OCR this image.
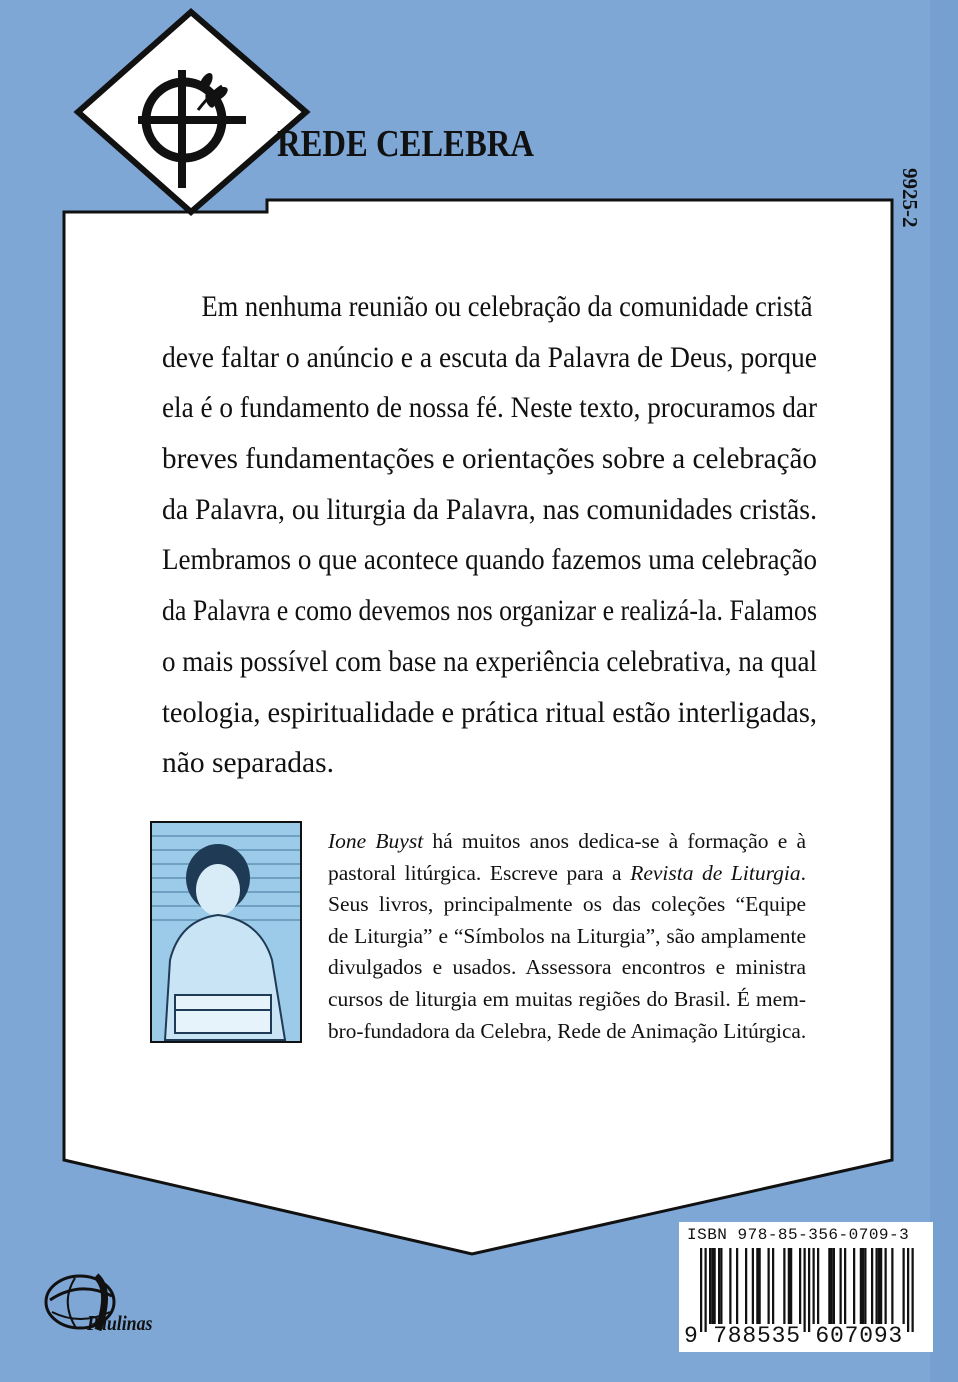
REDE CELEBRA
9925-2
Em nenhuma reunião ou celebração da comunidade cristã
deve faltar o anúncio e a escuta da Palavra de Deus, porque
ela é o fundamento de nossa fé. Neste texto, procuramos dar
breves fundamentações e orientações sobre a celebração
da Palavra, ou liturgia da Palavra, nas comunidades cristãs.
Lembramos o que acontece quando fazemos uma celebração
da Palavra e como devemos nos organizar e realizá-la. Falamos
o mais possível com base na experiência celebrativa, na qual
teologia, espiritualidade e prática ritual estão interligadas,
não separadas.
Ione Buyst há muitos anos dedica-se à formação e à
pastoral litúrgica. Escreve para a Revista de Liturgia.
Seus livros, principalmente os das coleções “Equipe
de Liturgia” e “Símbolos na Liturgia”, são amplamente
divulgados e usados. Assessora encontros e ministra
cursos de liturgia em muitas regiões do Brasil. É mem-
bro-fundadora da Celebra, Rede de Animação Litúrgica.
ISBN 978-85-356-0709-3
9 788535 607093
Paulinas
